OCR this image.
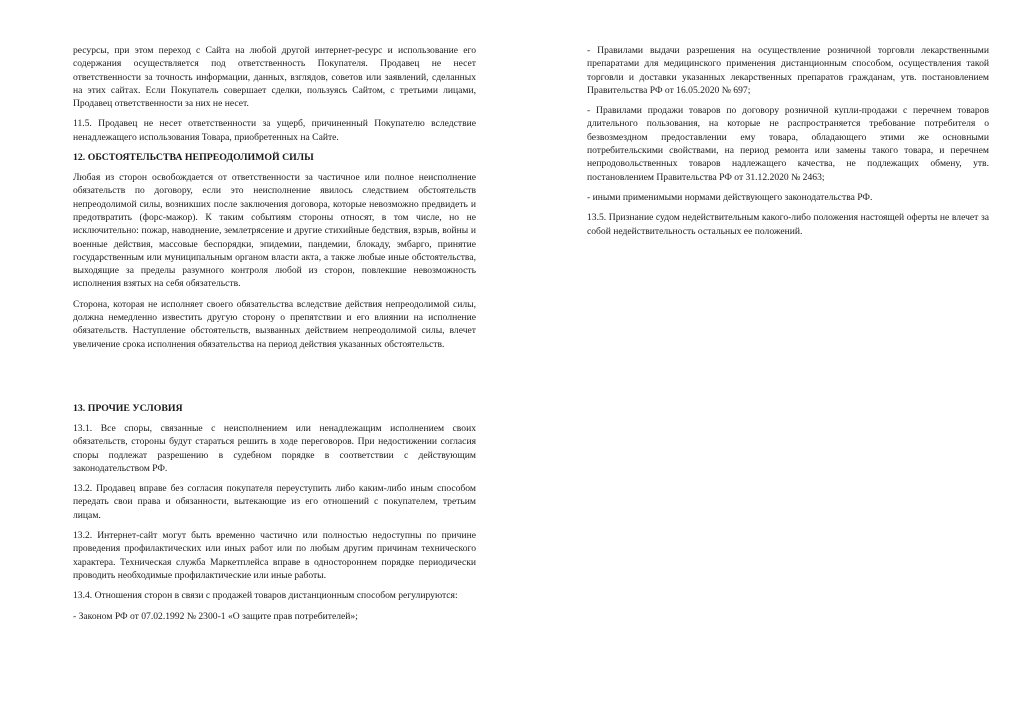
ресурсы, при этом переход с Сайта на любой другой интернет-ресурс и использование его содержания осуществляется под ответственность Покупателя. Продавец не несет ответственности за точность информации, данных, взглядов, советов или заявлений, сделанных на этих сайтах. Если Покупатель совершает сделки, пользуясь Сайтом, с третьими лицами, Продавец ответственности за них не несет.

11.5. Продавец не несет ответственности за ущерб, причиненный Покупателю вследствие ненадлежащего использования Товара, приобретенных на Сайте.

12. ОБСТОЯТЕЛЬСТВА НЕПРЕОДОЛИМОЙ СИЛЫ

Любая из сторон освобождается от ответственности за частичное или полное неисполнение обязательств по договору, если это неисполнение явилось следствием обстоятельств непреодолимой силы, возникших после заключения договора, которые невозможно предвидеть и предотвратить (форс-мажор). К таким событиям стороны относят, в том числе, но не исключительно: пожар, наводнение, землетрясение и другие стихийные бедствия, взрыв, войны и военные действия, массовые беспорядки, эпидемии, пандемии, блокаду, эмбарго, принятие государственным или муниципальным органом власти акта, а также любые иные обстоятельства, выходящие за пределы разумного контроля любой из сторон, повлекшие невозможность исполнения взятых на себя обязательств.

Сторона, которая не исполняет своего обязательства вследствие действия непреодолимой силы, должна немедленно известить другую сторону о препятствии и его влиянии на исполнение обязательств. Наступление обстоятельств, вызванных действием непреодолимой силы, влечет увеличение срока исполнения обязательства на период действия указанных обстоятельств.

13. ПРОЧИЕ УСЛОВИЯ

13.1. Все споры, связанные с неисполнением или ненадлежащим исполнением своих обязательств, стороны будут стараться решить в ходе переговоров. При недостижении согласия споры подлежат разрешению в судебном порядке в соответствии с действующим законодательством РФ.

13.2. Продавец вправе без согласия покупателя переуступить либо каким-либо иным способом передать свои права и обязанности, вытекающие из его отношений с покупателем, третьим лицам.

13.2. Интернет-сайт могут быть временно частично или полностью недоступны по причине проведения профилактических или иных работ или по любым другим причинам технического характера. Техническая служба Маркетплейса вправе в одностороннем порядке периодически проводить необходимые профилактические или иные работы.

13.4. Отношения сторон в связи с продажей товаров дистанционным способом регулируются:

- Законом РФ от 07.02.1992 № 2300-1 «О защите прав потребителей»;

- Правилами выдачи разрешения на осуществление розничной торговли лекарственными препаратами для медицинского применения дистанционным способом, осуществления такой торговли и доставки указанных лекарственных препаратов гражданам, утв. постановлением Правительства РФ от 16.05.2020 № 697;

- Правилами продажи товаров по договору розничной купли-продажи с перечнем товаров длительного пользования, на которые не распространяется требование потребителя о безвозмездном предоставлении ему товара, обладающего этими же основными потребительскими свойствами, на период ремонта или замены такого товара, и перечнем непродовольственных товаров надлежащего качества, не подлежащих обмену, утв. постановлением Правительства РФ от 31.12.2020 № 2463;

- иными применимыми нормами действующего законодательства РФ.

13.5. Признание судом недействительным какого-либо положения настоящей оферты не влечет за собой недействительность остальных ее положений.
